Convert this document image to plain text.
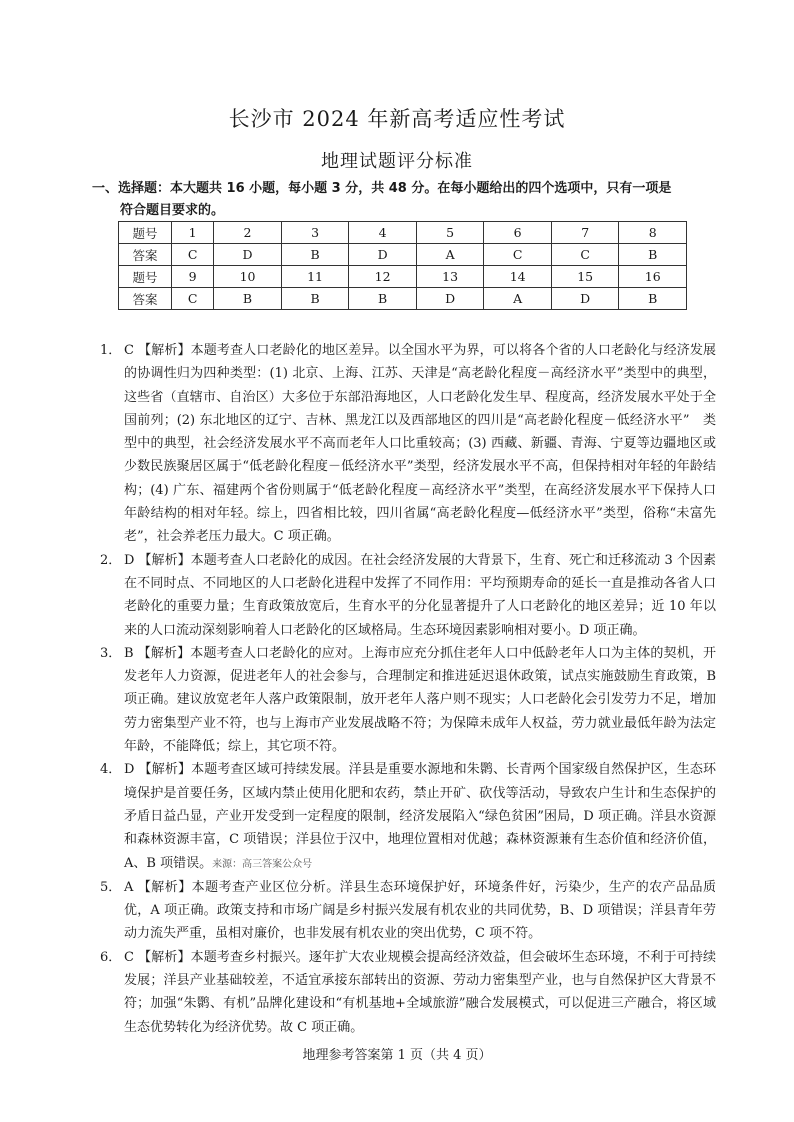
长沙市 2024 年新高考适应性考试
地理试题评分标准
一、选择题：本大题共 16 小题，每小题 3 分，共 48 分。在每小题给出的四个选项中，只有一项是
符合题目要求的。
题号	1	2	3	4	5	6	7	8
答案	C	D	B	D	A	C	C	B
题号	9	10	11	12	13	14	15	16
答案	C	B	B	B	D	A	D	B
1． C 【解析】本题考查人口老龄化的地区差异。以全国水平为界，可以将各个省的人口老龄化与经济发展的协调性归为四种类型：(1) 北京、上海、江苏、天津是“高老龄化程度－高经济水平”类型中的典型，这些省（直辖市、自治区）大多位于东部沿海地区，人口老龄化发生早、程度高，经济发展水平处于全国前列；(2) 东北地区的辽宁、吉林、黑龙江以及西部地区的四川是“高老龄化程度－低经济水平”　类型中的典型，社会经济发展水平不高而老年人口比重较高；(3) 西藏、新疆、青海、宁夏等边疆地区或少数民族聚居区属于“低老龄化程度－低经济水平”类型，经济发展水平不高，但保持相对年轻的年龄结构；(4) 广东、福建两个省份则属于“低老龄化程度－高经济水平”类型，在高经济发展水平下保持人口年龄结构的相对年轻。综上，四省相比较，四川省属“高老龄化程度—低经济水平”类型，俗称“未富先老”，社会养老压力最大。C 项正确。
2． D 【解析】本题考查人口老龄化的成因。在社会经济发展的大背景下，生育、死亡和迁移流动 3 个因素在不同时点、不同地区的人口老龄化进程中发挥了不同作用：平均预期寿命的延长一直是推动各省人口老龄化的重要力量；生育政策放宽后，生育水平的分化显著提升了人口老龄化的地区差异；近 10 年以来的人口流动深刻影响着人口老龄化的区域格局。生态环境因素影响相对要小。D 项正确。
3． B 【解析】本题考查人口老龄化的应对。上海市应充分抓住老年人口中低龄老年人口为主体的契机，开发老年人力资源，促进老年人的社会参与，合理制定和推进延迟退休政策，试点实施鼓励生育政策，B 项正确。建议放宽老年人落户政策限制，放开老年人落户则不现实；人口老龄化会引发劳力不足，增加劳力密集型产业不符，也与上海市产业发展战略不符；为保障未成年人权益，劳力就业最低年龄为法定年龄，不能降低；综上，其它项不符。
4． D 【解析】本题考查区域可持续发展。洋县是重要水源地和朱鹮、长青两个国家级自然保护区，生态环境保护是首要任务，区域内禁止使用化肥和农药，禁止开矿、砍伐等活动，导致农户生计和生态保护的矛盾日益凸显，产业开发受到一定程度的限制，经济发展陷入“绿色贫困”困局，D 项正确。洋县水资源和森林资源丰富，C 项错误；洋县位于汉中，地理位置相对优越；森林资源兼有生态价值和经济价值，A、B 项错误。来源：高三答案公众号
5． A 【解析】本题考查产业区位分析。洋县生态环境保护好，环境条件好，污染少，生产的农产品品质优，A 项正确。政策支持和市场广阔是乡村振兴发展有机农业的共同优势，B、D 项错误；洋县青年劳动力流失严重，虽相对廉价，也非发展有机农业的突出优势，C 项不符。
6． C 【解析】本题考查乡村振兴。逐年扩大农业规模会提高经济效益，但会破坏生态环境，不利于可持续发展；洋县产业基础较差，不适宜承接东部转出的资源、劳动力密集型产业，也与自然保护区大背景不符；加强“朱鹮、有机”品牌化建设和“有机基地+全域旅游”融合发展模式，可以促进三产融合，将区域生态优势转化为经济优势。故 C 项正确。
地理参考答案第 1 页（共 4 页）
